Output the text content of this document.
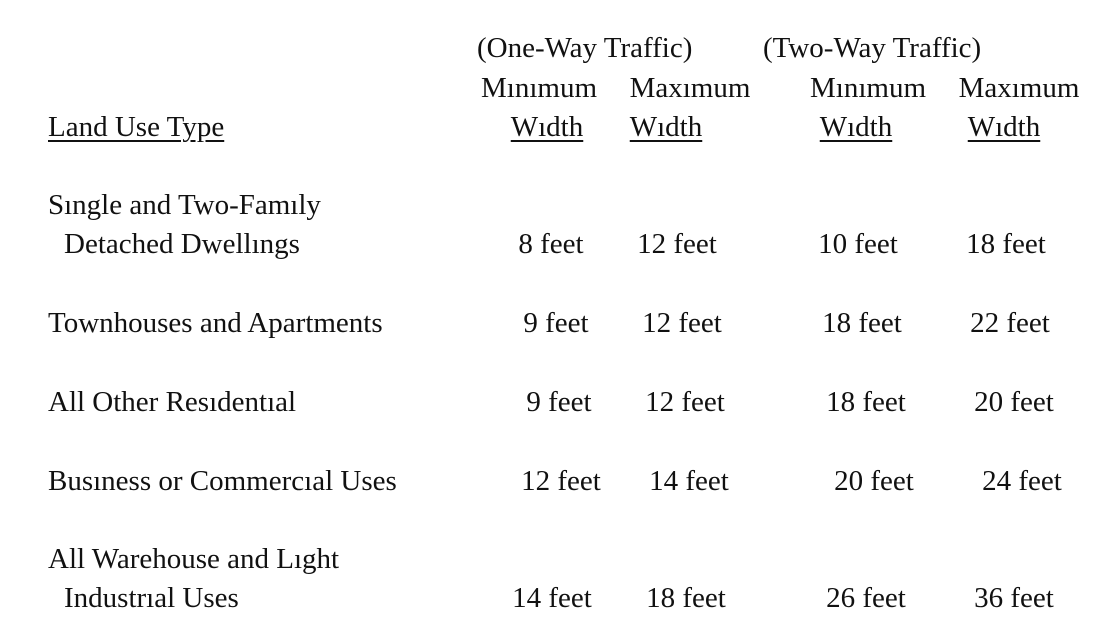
(One-Way Traffic) (Two-Way Traffic)
Mınımum Maxımum Mınımum Maxımum
Land Use Type	Wıdth Wıdth	Wıdth	Wıdth
Sıngle and Two-Famıly
Detached Dwellıngs	8 feet 12 feet	10 feet 18 feet
Townhouses and Apartments	9 feet 12 feet	18 feet 22 feet
All Other Resıdentıal	9 feet 12 feet	18 feet 20 feet
Busıness or Commercıal Uses	12 feet 14 feet	20 feet 24 feet
All Warehouse and Lıght
Industrıal Uses	14 feet 18 feet	26 feet 36 feet
